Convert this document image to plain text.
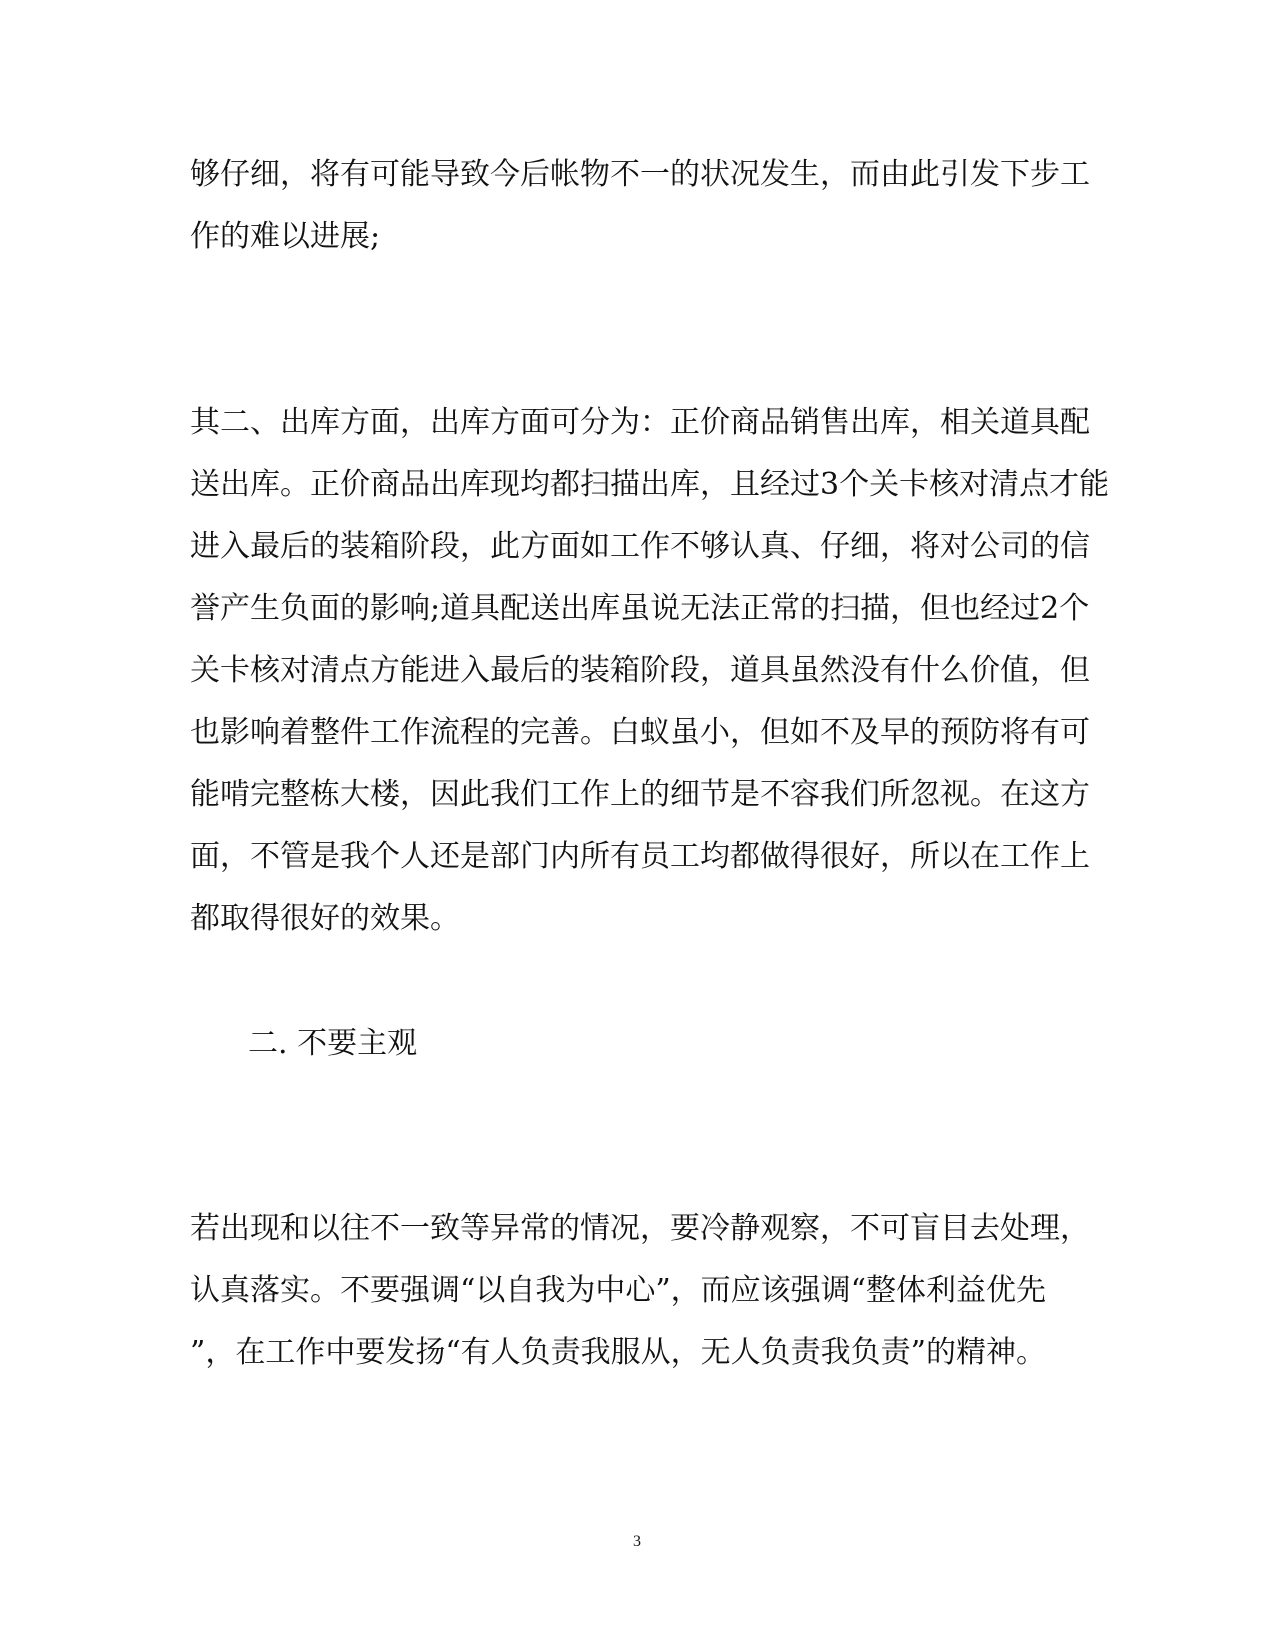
够仔细，将有可能导致今后帐物不一的状况发生，而由此引发下步工
作的难以进展;
其二、出库方面，出库方面可分为：正价商品销售出库，相关道具配
送出库。正价商品出库现均都扫描出库，且经过3个关卡核对清点才能
进入最后的装箱阶段，此方面如工作不够认真、仔细，将对公司的信
誉产生负面的影响;道具配送出库虽说无法正常的扫描，但也经过2个
关卡核对清点方能进入最后的装箱阶段，道具虽然没有什么价值，但
也影响着整件工作流程的完善。白蚁虽小，但如不及早的预防将有可
能啃完整栋大楼，因此我们工作上的细节是不容我们所忽视。在这方
面，不管是我个人还是部门内所有员工均都做得很好，所以在工作上
都取得很好的效果。
二. 不要主观
若出现和以往不一致等异常的情况，要冷静观察，不可盲目去处理，
认真落实。不要强调“以自我为中心”，而应该强调“整体利益优先
”，在工作中要发扬“有人负责我服从，无人负责我负责”的精神。
3
